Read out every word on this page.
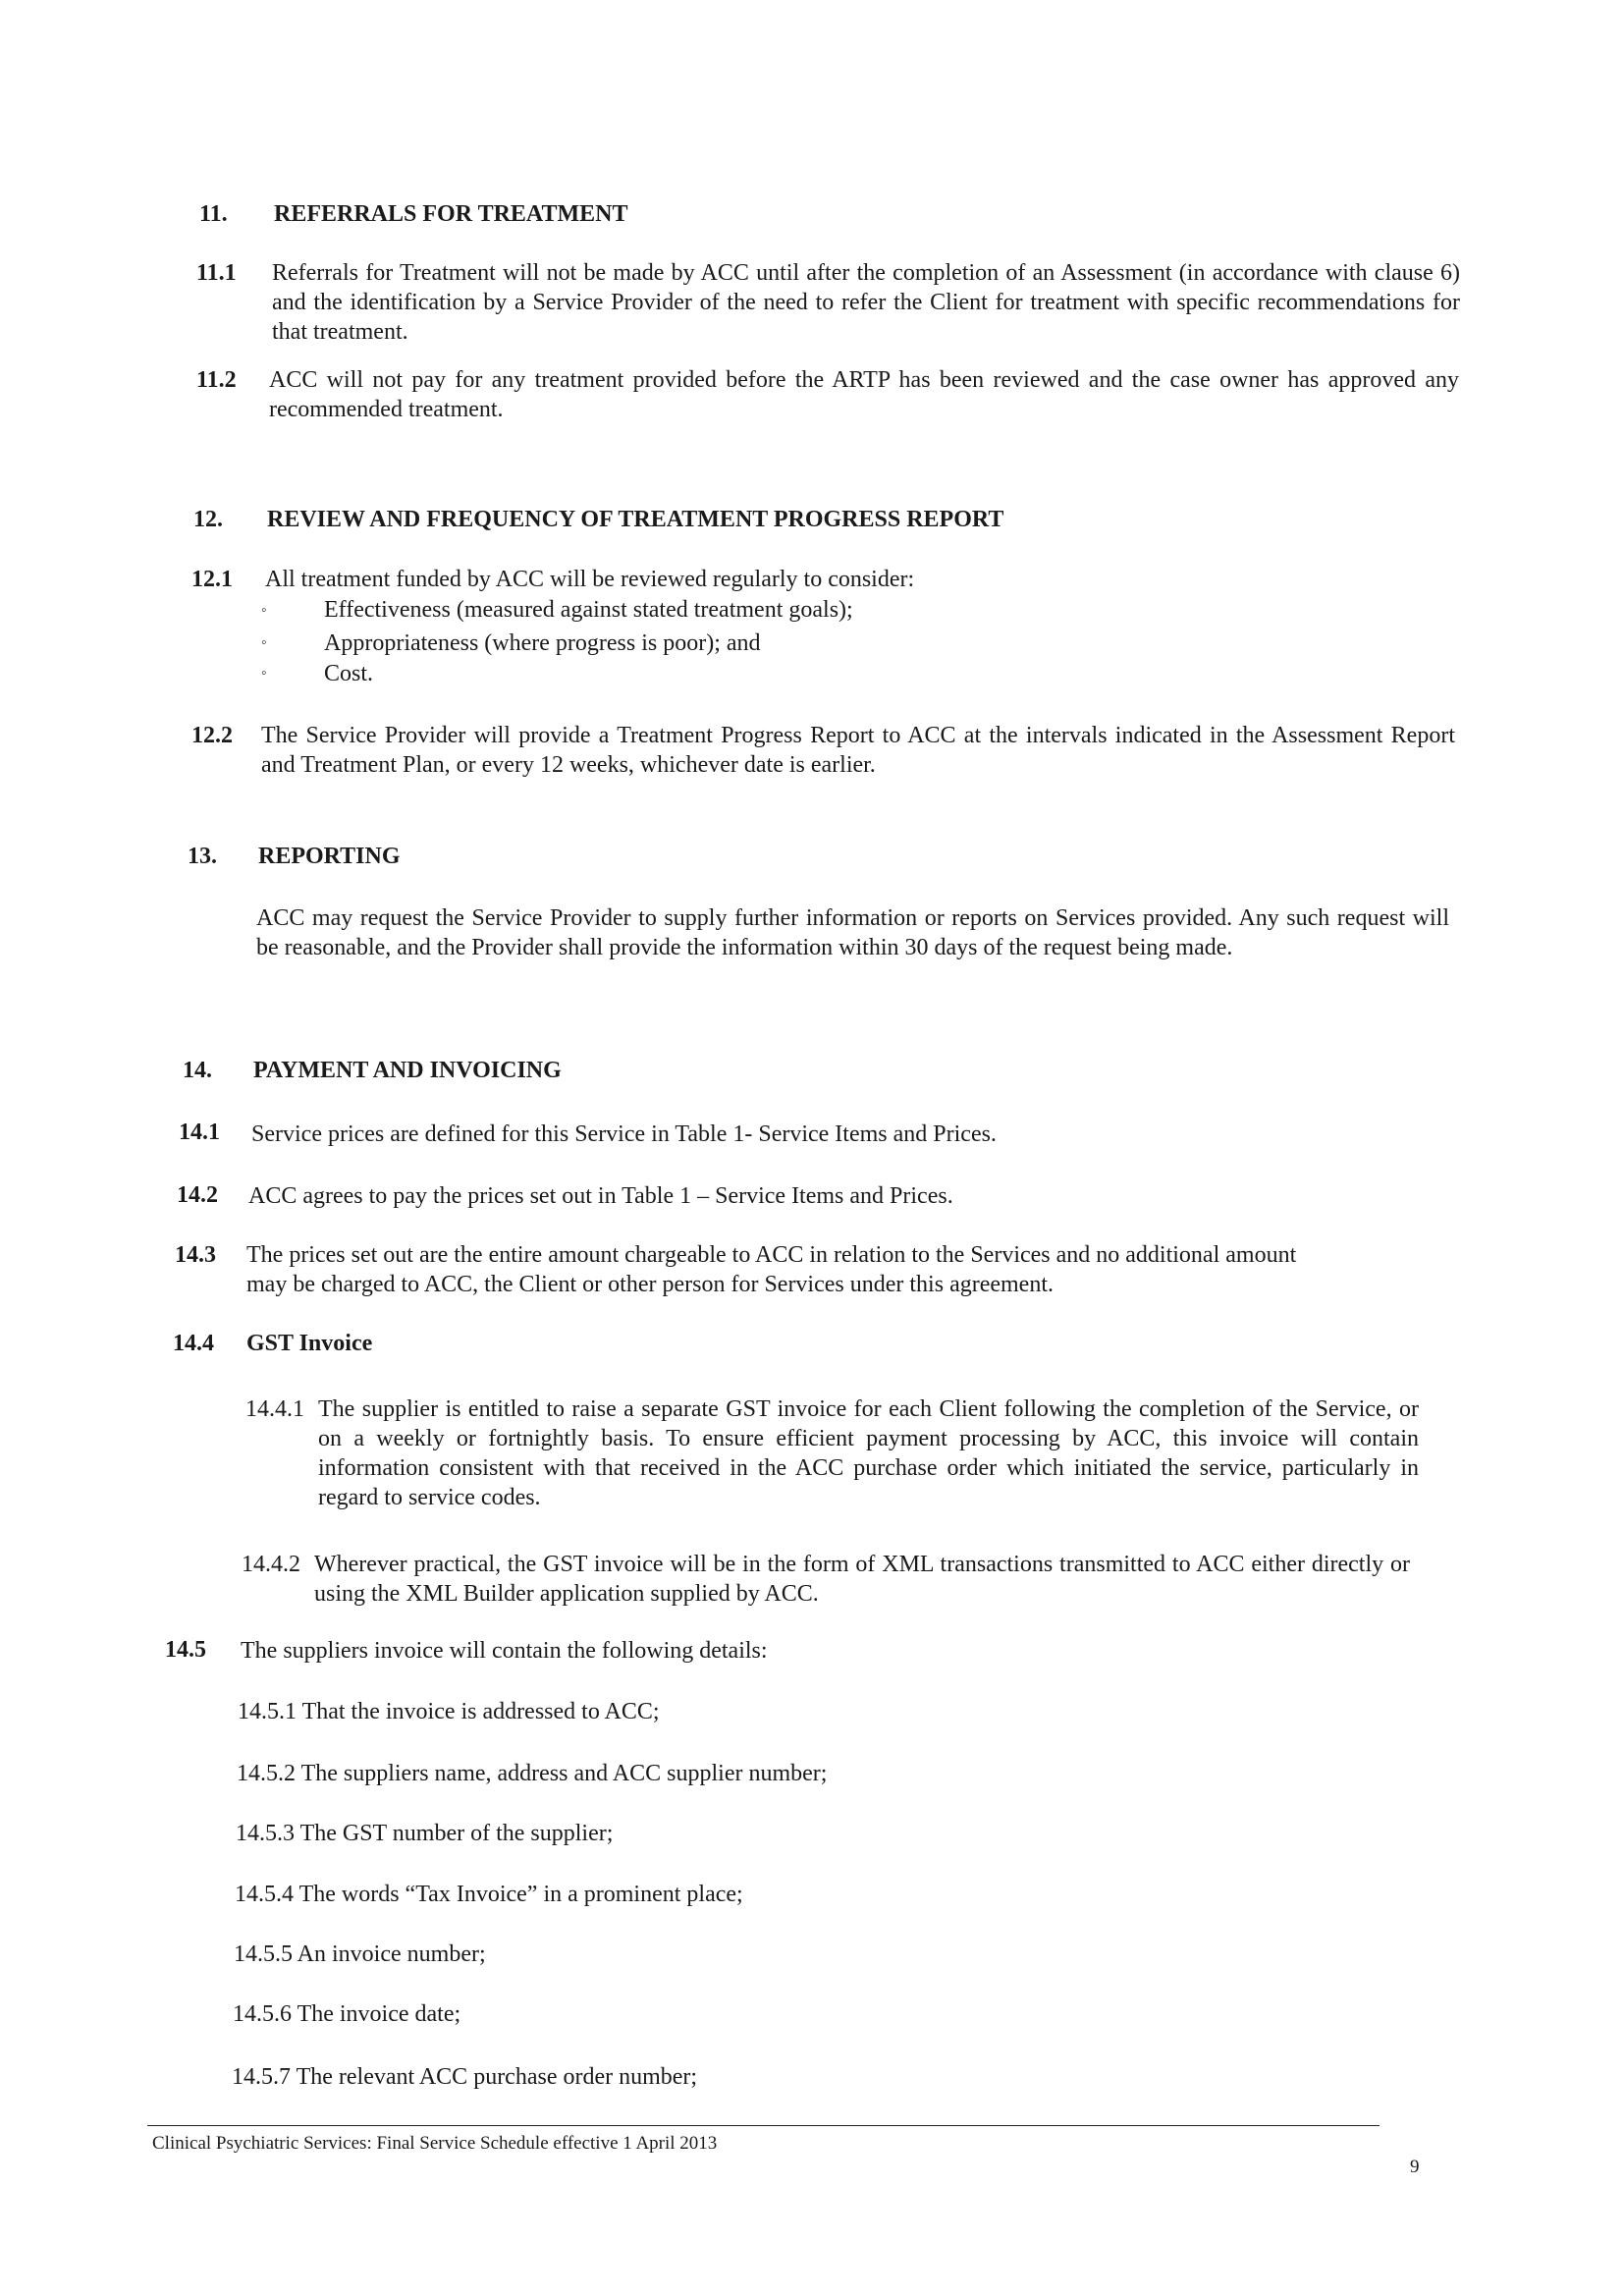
11. REFERRALS FOR TREATMENT
11.1 Referrals for Treatment will not be made by ACC until after the completion of an Assessment (in accordance with clause 6) and the identification by a Service Provider of the need to refer the Client for treatment with specific recommendations for that treatment.
11.2 ACC will not pay for any treatment provided before the ARTP has been reviewed and the case owner has approved any recommended treatment.
12. REVIEW AND FREQUENCY OF TREATMENT PROGRESS REPORT
12.1 All treatment funded by ACC will be reviewed regularly to consider:
◦ Effectiveness (measured against stated treatment goals);
◦ Appropriateness (where progress is poor); and
◦ Cost.
12.2 The Service Provider will provide a Treatment Progress Report to ACC at the intervals indicated in the Assessment Report and Treatment Plan, or every 12 weeks, whichever date is earlier.
13. REPORTING
ACC may request the Service Provider to supply further information or reports on Services provided. Any such request will be reasonable, and the Provider shall provide the information within 30 days of the request being made.
14. PAYMENT AND INVOICING
14.1 Service prices are defined for this Service in Table 1- Service Items and Prices.
14.2 ACC agrees to pay the prices set out in Table 1 – Service Items and Prices.
14.3 The prices set out are the entire amount chargeable to ACC in relation to the Services and no additional amount may be charged to ACC, the Client or other person for Services under this agreement.
14.4 GST Invoice
14.4.1 The supplier is entitled to raise a separate GST invoice for each Client following the completion of the Service, or on a weekly or fortnightly basis. To ensure efficient payment processing by ACC, this invoice will contain information consistent with that received in the ACC purchase order which initiated the service, particularly in regard to service codes.
14.4.2 Wherever practical, the GST invoice will be in the form of XML transactions transmitted to ACC either directly or using the XML Builder application supplied by ACC.
14.5 The suppliers invoice will contain the following details:
14.5.1 That the invoice is addressed to ACC;
14.5.2 The suppliers name, address and ACC supplier number;
14.5.3 The GST number of the supplier;
14.5.4 The words “Tax Invoice” in a prominent place;
14.5.5 An invoice number;
14.5.6 The invoice date;
14.5.7 The relevant ACC purchase order number;
Clinical Psychiatric Services: Final Service Schedule effective 1 April 2013
9
